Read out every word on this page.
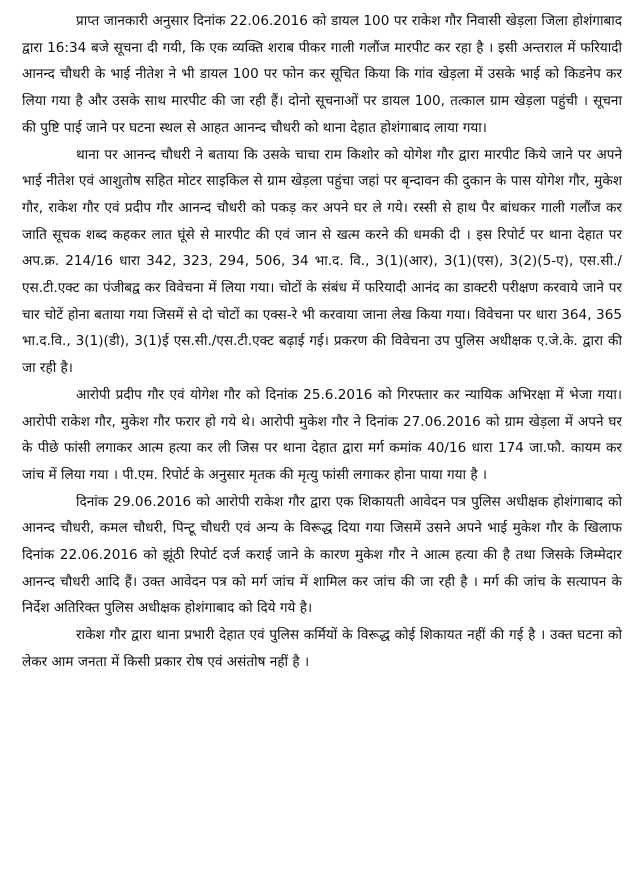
प्राप्त जानकारी अनुसार दिनांक 22.06.2016 को डायल 100 पर राकेश गौर निवासी खेड़ला जिला होशंगाबाद द्वारा 16:34 बजे सूचना दी गयी, कि एक व्यक्ति शराब पीकर गाली गलौंज मारपीट कर रहा है । इसी अन्तराल में फरियादी आनन्द चौधरी के भाई नीतेश ने भी डायल 100 पर फोन कर सूचित किया कि गांव खेड़ला में उसके भाई को किडनेप कर लिया गया है और उसके साथ मारपीट की जा रही हैं। दोनो सूचनाओं पर डायल 100, तत्काल ग्राम खेड़ला पहुंची । सूचना की पुष्टि पाई जाने पर घटना स्थल से आहत आनन्द चौधरी को थाना देहात होशंगाबाद लाया गया।

थाना पर आनन्द चौधरी ने बताया कि उसके चाचा राम किशोर को योगेश गौर द्वारा मारपीट किये जाने पर अपने भाई नीतेश एवं आशुतोष सहित मोटर साइकिल से ग्राम खेड़ला पहुंचा जहां पर बृन्दावन की दुकान के पास योगेश गौर, मुकेश गौर, राकेश गौर एवं प्रदीप गौर आनन्द चौधरी को पकड़ कर अपने घर ले गये। रस्सी से हाथ पैर बांधकर गाली गलौंज कर जाति सूचक शब्द कहकर लात घूंसे से मारपीट की एवं जान से खत्म करने की धमकी दी । इस रिपोर्ट पर थाना देहात पर अप.क्र. 214/16 धारा 342, 323, 294, 506, 34 भा.द. वि., 3(1)(आर), 3(1)(एस), 3(2)(5-ए), एस.सी./एस.टी.एक्ट का पंजीबद्व कर विवेचना में लिया गया। चोटों के संबंध में फरियादी आनंद का डाक्टरी परीक्षण करवाये जाने पर चार चोटें होना बताया गया जिसमें से दो चोटों का एक्स-रे भी करवाया जाना लेख किया गया। विवेचना पर धारा 364, 365 भा.द.वि., 3(1)(डी), 3(1)ई एस.सी./एस.टी.एक्ट बढ़ाई गई। प्रकरण की विवेचना उप पुलिस अधीक्षक ए.जे.के. द्वारा की जा रही है।

आरोपी प्रदीप गौर एवं योगेश गौर को दिनांक 25.6.2016 को गिरफ्तार कर न्यायिक अभिरक्षा में भेजा गया। आरोपी राकेश गौर, मुकेश गौर फरार हो गये थे। आरोपी मुकेश गौर ने दिनांक 27.06.2016 को ग्राम खेड़ला में अपने घर के पीछे फांसी लगाकर आत्म हत्या कर ली जिस पर थाना देहात द्वारा मर्ग कमांक 40/16 धारा 174 जा.फौ. कायम कर जांच में लिया गया । पी.एम. रिपोर्ट के अनुसार मृतक की मृत्यु फांसी लगाकर होना पाया गया है ।

दिनांक 29.06.2016 को आरोपी राकेश गौर द्वारा एक शिकायती आवेदन पत्र पुलिस अधीक्षक होशंगाबाद को आनन्द चौधरी, कमल चौधरी, पिन्टू चौधरी एवं अन्य के विरूद्ध दिया गया जिसमें उसने अपने भाई मुकेश गौर के खिलाफ दिनांक 22.06.2016 को झूंठी रिपोर्ट दर्ज कराई जाने के कारण मुकेश गौर ने आत्म हत्या की है तथा जिसके जिम्मेदार आनन्द चौधरी आदि हैं। उक्त आवेदन पत्र को मर्ग जांच में शामिल कर जांच की जा रही है । मर्ग की जांच के सत्यापन के निर्देश अतिरिक्त पुलिस अधीक्षक होशंगाबाद को दिये गये है।

राकेश गौर द्वारा थाना प्रभारी देहात एवं पुलिस कर्मियों के विरूद्ध कोई शिकायत नहीं की गई है । उक्त घटना को लेकर आम जनता में किसी प्रकार रोष एवं असंतोष नहीं है ।
